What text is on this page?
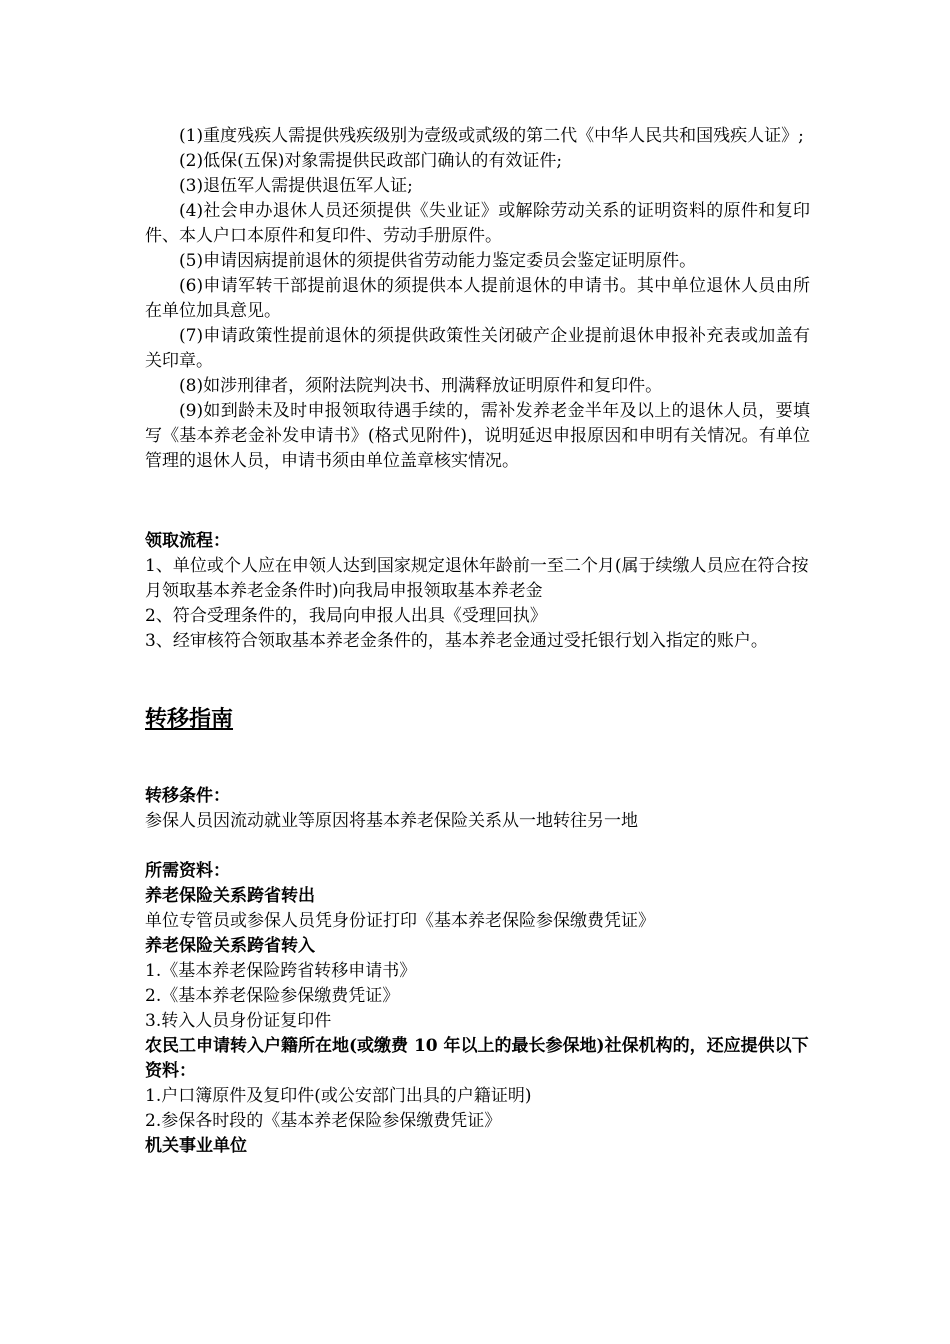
(1)重度残疾人需提供残疾级别为壹级或贰级的第二代《中华人民共和国残疾人证》;

(2)低保(五保)对象需提供民政部门确认的有效证件;

(3)退伍军人需提供退伍军人证;

(4)社会申办退休人员还须提供《失业证》或解除劳动关系的证明资料的原件和复印件、本人户口本原件和复印件、劳动手册原件。

(5)申请因病提前退休的须提供省劳动能力鉴定委员会鉴定证明原件。

(6)申请军转干部提前退休的须提供本人提前退休的申请书。其中单位退休人员由所在单位加具意见。

(7)申请政策性提前退休的须提供政策性关闭破产企业提前退休申报补充表或加盖有关印章。

(8)如涉刑律者，须附法院判决书、刑满释放证明原件和复印件。

(9)如到龄未及时申报领取待遇手续的，需补发养老金半年及以上的退休人员，要填写《基本养老金补发申请书》(格式见附件)，说明延迟申报原因和申明有关情况。有单位管理的退休人员，申请书须由单位盖章核实情况。

领取流程：

1、单位或个人应在申领人达到国家规定退休年龄前一至二个月(属于续缴人员应在符合按月领取基本养老金条件时)向我局申报领取基本养老金

2、符合受理条件的，我局向申报人出具《受理回执》

3、经审核符合领取基本养老金条件的，基本养老金通过受托银行划入指定的账户。

转移指南

转移条件：

参保人员因流动就业等原因将基本养老保险关系从一地转往另一地

所需资料：

养老保险关系跨省转出

单位专管员或参保人员凭身份证打印《基本养老保险参保缴费凭证》

养老保险关系跨省转入

1.《基本养老保险跨省转移申请书》

2.《基本养老保险参保缴费凭证》

3.转入人员身份证复印件

农民工申请转入户籍所在地(或缴费 10 年以上的最长参保地)社保机构的，还应提供以下资料：

1.户口簿原件及复印件(或公安部门出具的户籍证明)

2.参保各时段的《基本养老保险参保缴费凭证》

机关事业单位
